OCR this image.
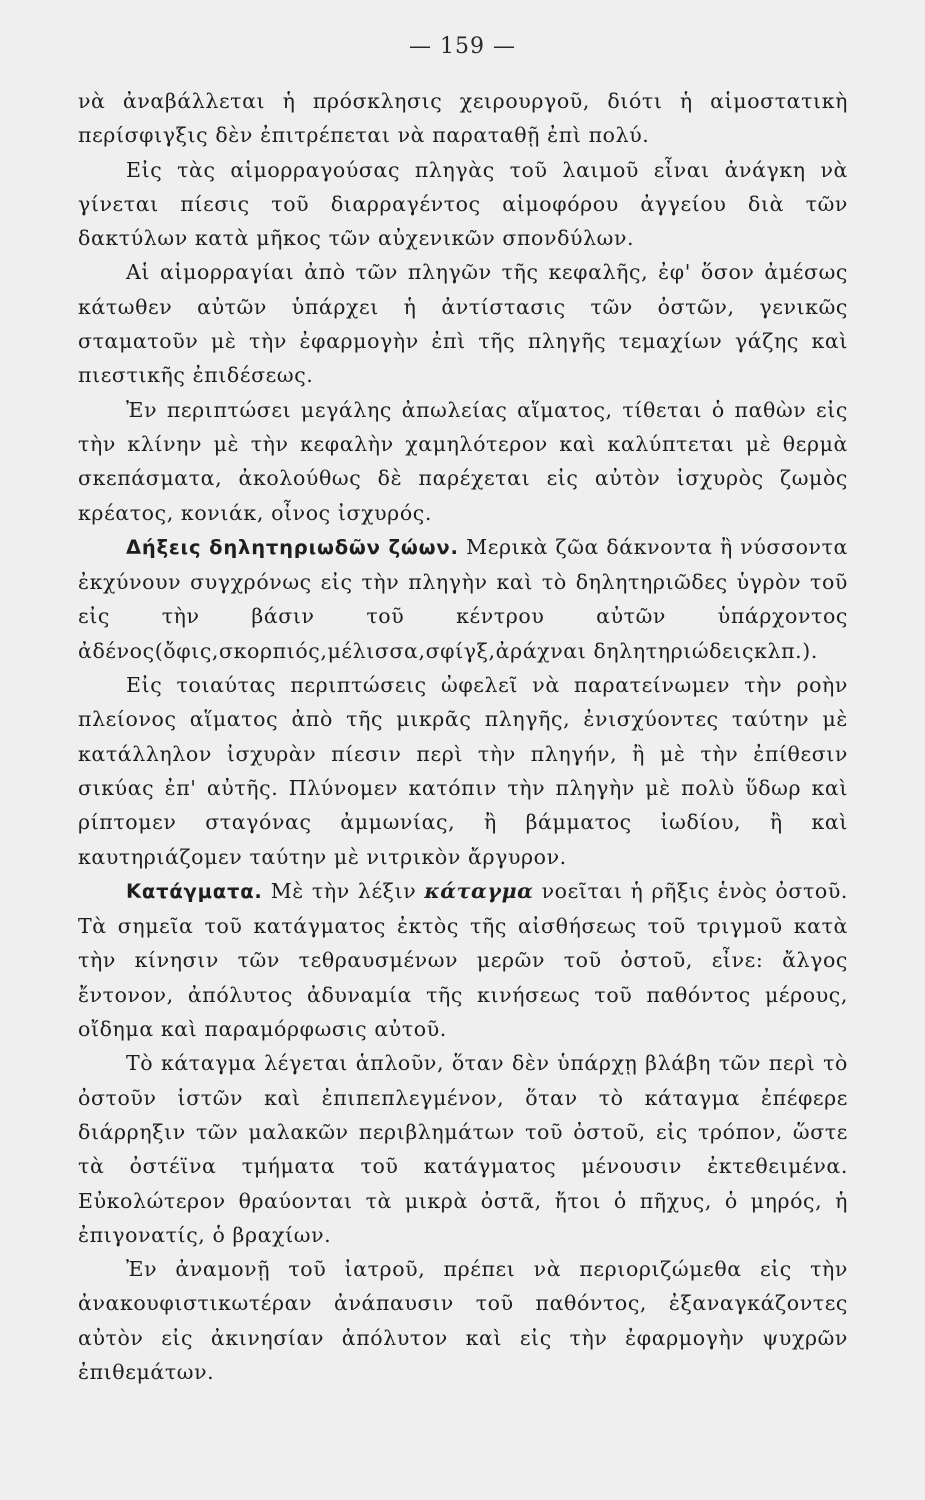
— 159 —

νὰ ἀναβάλλεται ἡ πρόσκλησις χειρουργοῦ, διότι ἡ αἱμοστατικὴ περίσφιγξις δὲν ἐπιτρέπεται νὰ παραταθῇ ἐπὶ πολύ.

Εἰς τὰς αἱμορραγούσας πληγὰς τοῦ λαιμοῦ εἶναι ἀνάγκη νὰ γίνεται πίεσις τοῦ διαρραγέντος αἱμοφόρου ἀγγείου διὰ τῶν δακτύλων κατὰ μῆκος τῶν αὐχενικῶν σπονδύλων.

Αἱ αἱμορραγίαι ἀπὸ τῶν πληγῶν τῆς κεφαλῆς, ἐφ' ὅσον ἀμέσως κάτωθεν αὐτῶν ὑπάρχει ἡ ἀντίστασις τῶν ὀστῶν, γενικῶς σταματοῦν μὲ τὴν ἐφαρμογὴν ἐπὶ τῆς πληγῆς τεμαχίων γάζης καὶ πιεστικῆς ἐπιδέσεως.

Ἐν περιπτώσει μεγάλης ἀπωλείας αἵματος, τίθεται ὁ παθὼν εἰς τὴν κλίνην μὲ τὴν κεφαλὴν χαμηλότερον καὶ καλύπτεται μὲ θερμὰ σκεπάσματα, ἀκολούθως δὲ παρέχεται εἰς αὐτὸν ἰσχυρὸς ζωμὸς κρέατος, κονιάκ, οἶνος ἰσχυρός.

Δήξεις δηλητηριωδῶν ζώων. Μερικὰ ζῶα δάκνοντα ἢ νύσσοντα ἐκχύνουν συγχρόνως εἰς τὴν πληγὴν καὶ τὸ δηλητηριῶδες ὑγρὸν τοῦ εἰς τὴν βάσιν τοῦ κέντρου αὐτῶν ὑπάρχοντος ἀδένος(ὄφις,σκορπιός,μέλισσα,σφίγξ,ἀράχναι δηλητηριώδειςκλπ.).

Εἰς τοιαύτας περιπτώσεις ὠφελεῖ νὰ παρατείνωμεν τὴν ροὴν πλείονος αἵματος ἀπὸ τῆς μικρᾶς πληγῆς, ἐνισχύοντες ταύτην μὲ κατάλληλον ἰσχυρὰν πίεσιν περὶ τὴν πληγήν, ἢ μὲ τὴν ἐπίθεσιν σικύας ἐπ' αὐτῆς. Πλύνομεν κατόπιν τὴν πληγὴν μὲ πολὺ ὕδωρ καὶ ρίπτομεν σταγόνας ἀμμωνίας, ἢ βάμματος ἰωδίου, ἢ καὶ καυτηριάζομεν ταύτην μὲ νιτρικὸν ἄργυρον.

Κατάγματα. Μὲ τὴν λέξιν κάταγμα νοεῖται ἡ ρῆξις ἑνὸς ὀστοῦ. Τὰ σημεῖα τοῦ κατάγματος ἐκτὸς τῆς αἰσθήσεως τοῦ τριγμοῦ κατὰ τὴν κίνησιν τῶν τεθραυσμένων μερῶν τοῦ ὀστοῦ, εἶνε: ἄλγος ἔντονον, ἀπόλυτος ἀδυναμία τῆς κινήσεως τοῦ παθόντος μέρους, οἴδημα καὶ παραμόρφωσις αὐτοῦ.

Τὸ κάταγμα λέγεται ἁπλοῦν, ὅταν δὲν ὑπάρχῃ βλάβη τῶν περὶ τὸ ὀστοῦν ἱστῶν καὶ ἐπιπεπλεγμένον, ὅταν τὸ κάταγμα ἐπέφερε διάρρηξιν τῶν μαλακῶν περιβλημάτων τοῦ ὀστοῦ, εἰς τρόπον, ὥστε τὰ ὀστέϊνα τμήματα τοῦ κατάγματος μένουσιν ἐκτεθειμένα. Εὐκολώτερον θραύονται τὰ μικρὰ ὀστᾶ, ἤτοι ὁ πῆχυς, ὁ μηρός, ἡ ἐπιγονατίς, ὁ βραχίων.

Ἐν ἀναμονῇ τοῦ ἰατροῦ, πρέπει νὰ περιοριζώμεθα εἰς τὴν ἀνακουφιστικωτέραν ἀνάπαυσιν τοῦ παθόντος, ἐξαναγκάζοντες αὐτὸν εἰς ἀκινησίαν ἀπόλυτον καὶ εἰς τὴν ἐφαρμογὴν ψυχρῶν ἐπιθεμάτων.
